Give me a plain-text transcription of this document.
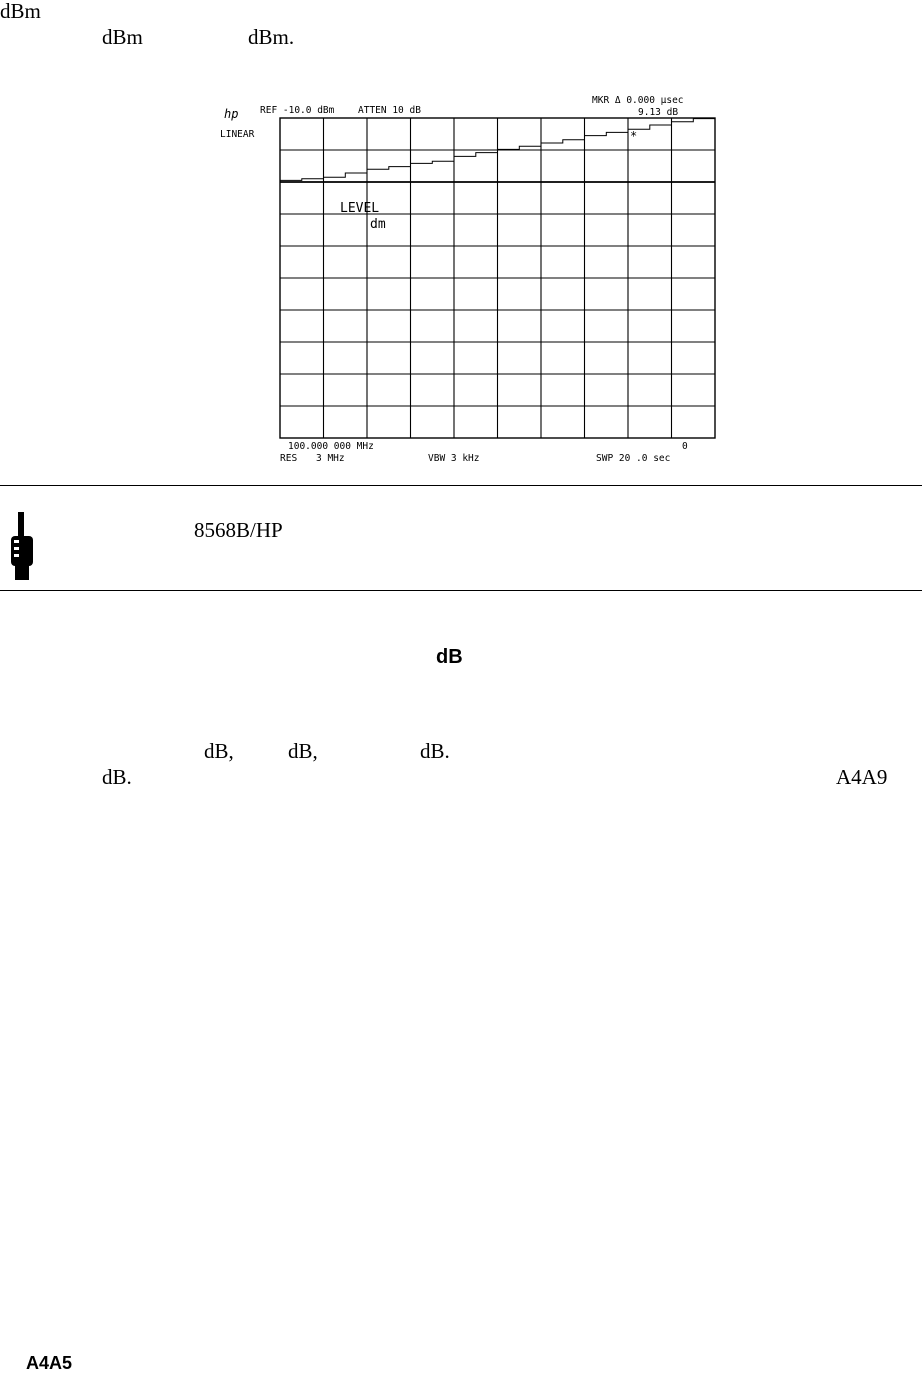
dBm
dBm	dBm.
hp REF -10.0 dBm ATTEN 10 dB
MKR Δ 0.000 μsec
9.13 dB
LINEAR
LEVEL
dm
*
100.000 000 MHz	0
RES 3 MHz	VBW 3 kHz	SWP 20 .0 sec
8568B/HP
dB
dB,	dB,	dB.
dB.	A4A9
A4A5
